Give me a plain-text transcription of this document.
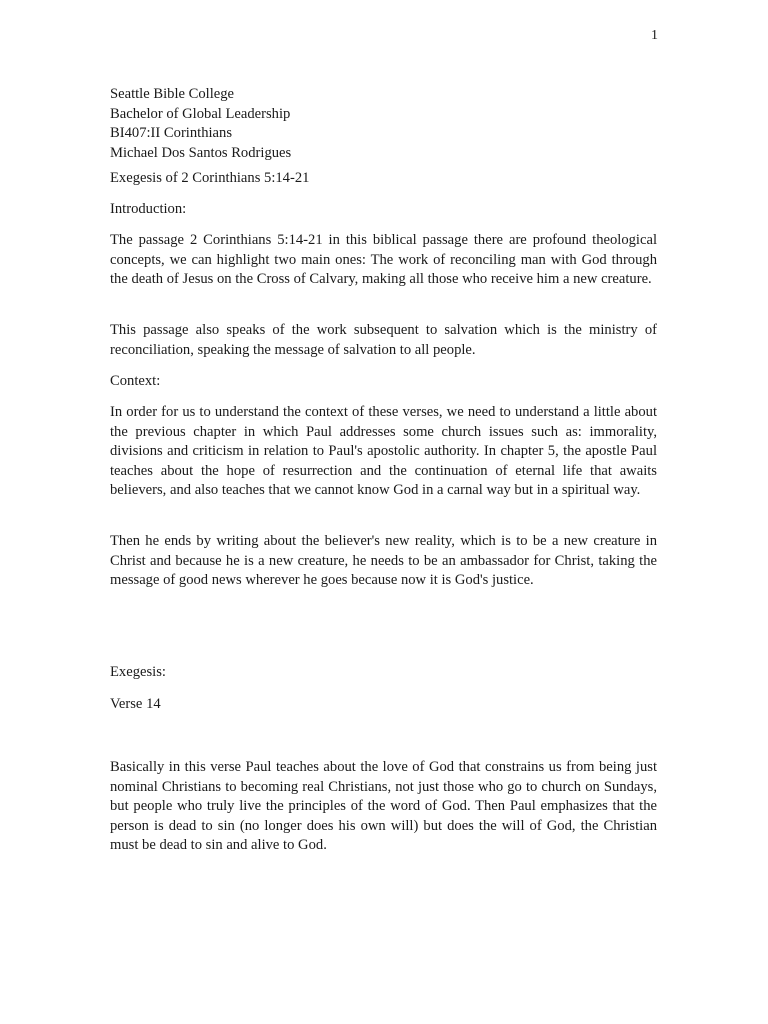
1
Seattle Bible College
Bachelor of Global Leadership
BI407:II Corinthians
Michael Dos Santos Rodrigues

Exegesis of 2 Corinthians 5:14-21

Introduction:

The passage 2 Corinthians 5:14-21 in this biblical passage there are profound theological concepts, we can highlight two main ones: The work of reconciling man with God through the death of Jesus on the Cross of Calvary, making all those who receive him a new creature.

This passage also speaks of the work subsequent to salvation which is the ministry of reconciliation, speaking the message of salvation to all people.

Context:

In order for us to understand the context of these verses, we need to understand a little about the previous chapter in which Paul addresses some church issues such as: immorality, divisions and criticism in relation to Paul's apostolic authority. In chapter 5, the apostle Paul teaches about the hope of resurrection and the continuation of eternal life that awaits believers, and also teaches that we cannot know God in a carnal way but in a spiritual way.

Then he ends by writing about the believer's new reality, which is to be a new creature in Christ and because he is a new creature, he needs to be an ambassador for Christ, taking the message of good news wherever he goes because now it is God's justice.

Exegesis:

Verse 14

Basically in this verse Paul teaches about the love of God that constrains us from being just nominal Christians to becoming real Christians, not just those who go to church on Sundays, but people who truly live the principles of the word of God. Then Paul emphasizes that the person is dead to sin (no longer does his own will) but does the will of God, the Christian must be dead to sin and alive to God.
